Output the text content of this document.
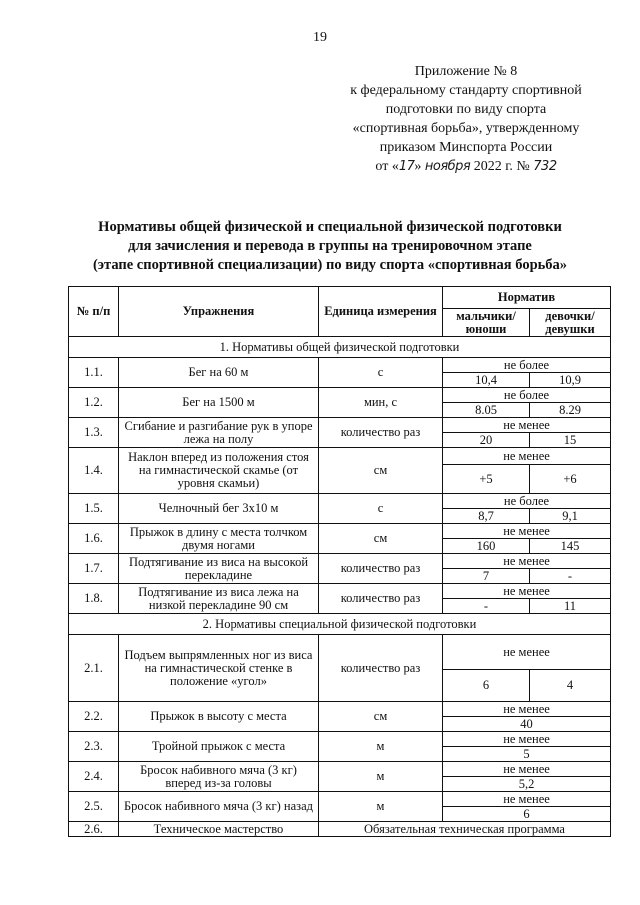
19
Приложение № 8
к федеральному стандарту спортивной
подготовки по виду спорта
«спортивная борьба», утвержденному
приказом Минспорта России
от «17» ноября 2022 г. № 732
Нормативы общей физической и специальной физической подготовки
для зачисления и перевода в группы на тренировочном этапе
(этапе спортивной специализации) по виду спорта «спортивная борьба»
№ п/п	Упражнения	Единица измерения	Норматив	
			мальчики/ юноши	девочки/ девушки
1. Нормативы общей физической подготовки				
1.1.	Бег на 60 м	с	не более	
			10,4	10,9
1.2.	Бег на 1500 м	мин, с	не более	
			8.05	8.29
1.3.	Сгибание и разгибание рук в упоре лежа на полу	количество раз	не менее	
			20	15
1.4.	Наклон вперед из положения стоя на гимнастической скамье (от уровня скамьи)	см	не менее	
			+5	+6
1.5.	Челночный бег 3x10 м	с	не более	
			8,7	9,1
1.6.	Прыжок в длину с места толчком двумя ногами	см	не менее	
			160	145
1.7.	Подтягивание из виса на высокой перекладине	количество раз	не менее	
			7	-
1.8.	Подтягивание из виса лежа на низкой перекладине 90 см	количество раз	не менее	
			-	11
2. Нормативы специальной физической подготовки				
2.1.	Подъем выпрямленных ног из виса на гимнастической стенке в положение «угол»	количество раз	не менее	
			6	4
2.2.	Прыжок в высоту с места	см	не менее	
			40	
2.3.	Тройной прыжок с места	м	не менее	
			5	
2.4.	Бросок набивного мяча (3 кг) вперед из-за головы	м	не менее	
			5,2	
2.5.	Бросок набивного мяча (3 кг) назад	м	не менее	
			6	
2.6.	Техническое мастерство	Обязательная техническая программа		
